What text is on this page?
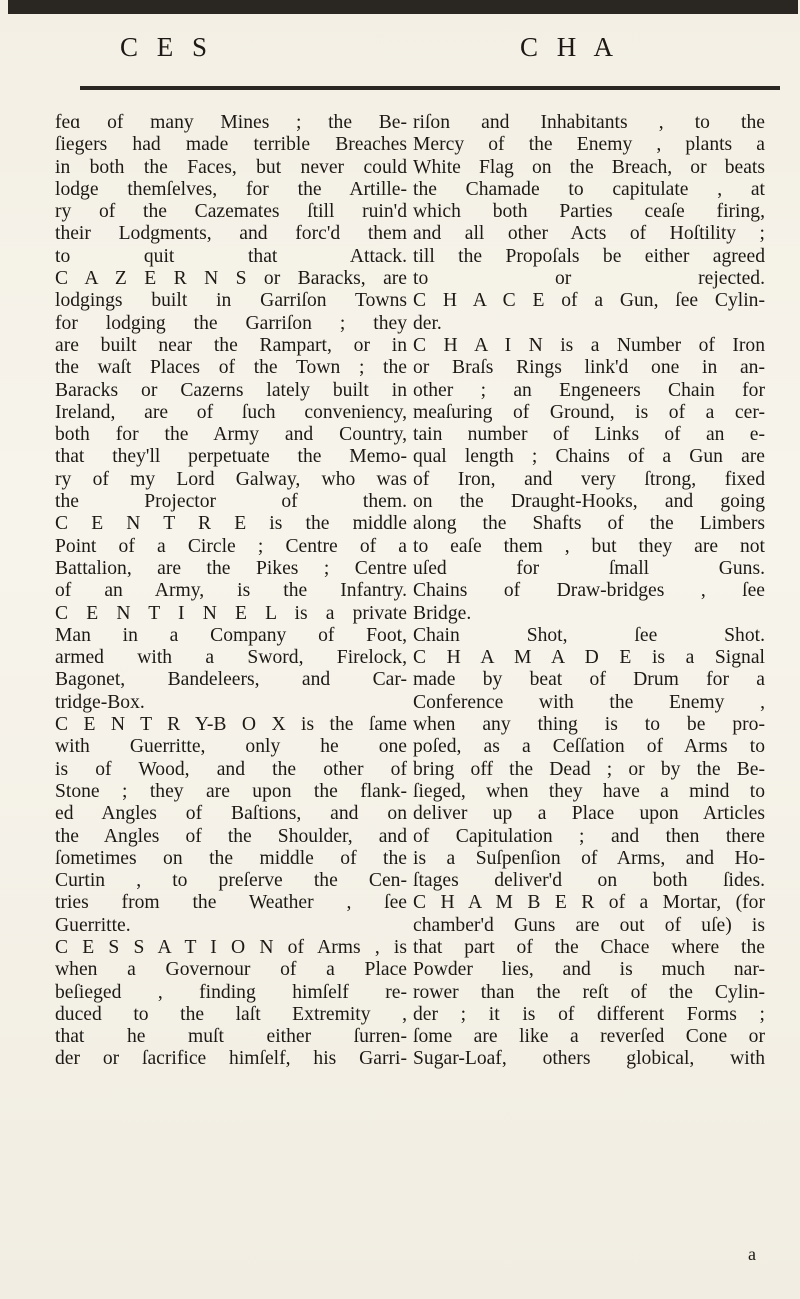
C E S	C H A
feɑ of many Mines ; the Be-
ſiegers had made terrible Breaches
in both the Faces, but never could
lodge themſelves, for the Artille-
ry of the Cazemates ſtill ruin'd
their Lodgments, and forc'd them
to quit that Attack.
C A Z E R N S or Baracks, are
lodgings built in Garriſon Towns
for lodging the Garriſon ; they
are built near the Rampart, or in
the waſt Places of the Town ; the
Baracks or Cazerns lately built in
Ireland, are of ſuch conveniency,
both for the Army and Country,
that they'll perpetuate the Memo-
ry of my Lord Galway, who was
the Projector of them.
C E N T R E is the middle
Point of a Circle ; Centre of a
Battalion, are the Pikes ; Centre
of an Army, is the Infantry.
C E N T I N E L is a private
Man in a Company of Foot,
armed with a Sword, Firelock,
Bagonet, Bandeleers, and Car-
tridge-Box.
C E N T R Y-B O X is the ſame
with Guerritte, only he one
is of Wood, and the other of
Stone ; they are upon the flank-
ed Angles of Baſtions, and on
the Angles of the Shoulder, and
ſometimes on the middle of the
Curtin , to preſerve the Cen-
tries from the Weather , ſee
Guerritte.
C E S S A T I O N of Arms , is
when a Governour of a Place
beſieged , finding himſelf re-
duced to the laſt Extremity ,
that he muſt either ſurren-
der or ſacrifice himſelf, his Garri-
riſon and Inhabitants , to the
Mercy of the Enemy , plants a
White Flag on the Breach, or beats
the Chamade to capitulate , at
which both Parties ceaſe firing,
and all other Acts of Hoſtility ;
till the Propoſals be either agreed
to or rejected.
C H A C E of a Gun, ſee Cylin-
der.
C H A I N is a Number of Iron
or Braſs Rings link'd one in an-
other ; an Engeneers Chain for
meaſuring of Ground, is of a cer-
tain number of Links of an e-
qual length ; Chains of a Gun are
of Iron, and very ſtrong, fixed
on the Draught-Hooks, and going
along the Shafts of the Limbers
to eaſe them , but they are not
uſed for ſmall Guns.
Chains of Draw-bridges , ſee
Bridge.
Chain Shot, ſee Shot.
C H A M A D E is a Signal
made by beat of Drum for a
Conference with the Enemy ,
when any thing is to be pro-
poſed, as a Ceſſation of Arms to
bring off the Dead ; or by the Be-
ſieged, when they have a mind to
deliver up a Place upon Articles
of Capitulation ; and then there
is a Suſpenſion of Arms, and Ho-
ſtages deliver'd on both ſides.
C H A M B E R of a Mortar, (for
chamber'd Guns are out of uſe) is
that part of the Chace where the
Powder lies, and is much nar-
rower than the reſt of the Cylin-
der ; it is of different Forms ;
ſome are like a reverſed Cone or
Sugar-Loaf, others globical, with
a
